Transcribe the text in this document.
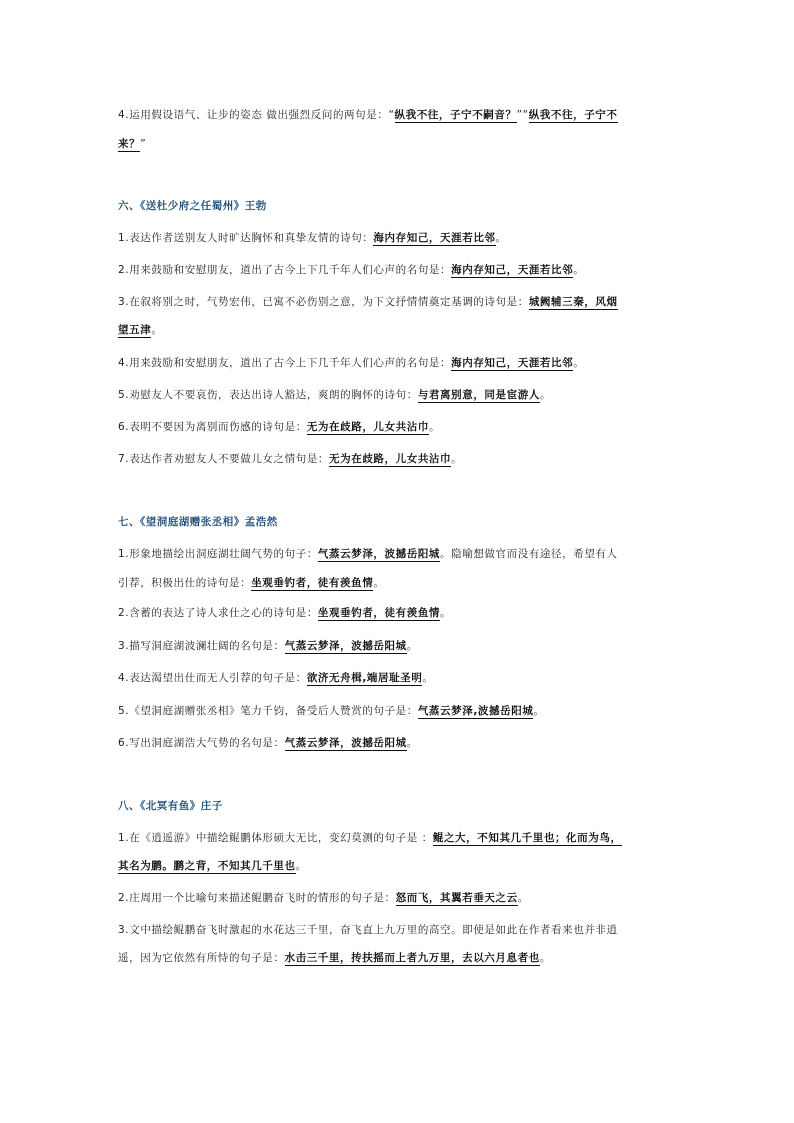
4.运用假设语气、让步的姿态 做出强烈反问的两句是：“纵我不往，子宁不嗣音？”“纵我不往，子宁不
来？”
六、《送杜少府之任蜀州》王勃
1.表达作者送别友人时旷达胸怀和真挚友情的诗句：海内存知己，天涯若比邻。
2.用来鼓励和安慰朋友，道出了古今上下几千年人们心声的名句是：海内存知己，天涯若比邻。
3.在叙将别之时，气势宏伟，已寓不必伤别之意，为下文抒情情奠定基调的诗句是：城阙辅三秦，风烟
望五津。
4.用来鼓励和安慰朋友，道出了古今上下几千年人们心声的名句是：海内存知己，天涯若比邻。
5.劝慰友人不要哀伤，表达出诗人豁达，爽朗的胸怀的诗句：与君离别意，同是宦游人。
6.表明不要因为离别而伤感的诗句是：无为在歧路，儿女共沾巾。
7.表达作者劝慰友人不要做儿女之情句是：无为在歧路，儿女共沾巾。
七、《望洞庭湖赠张丞相》孟浩然
1.形象地描绘出洞庭湖壮阔气势的句子：气蒸云梦泽，波撼岳阳城。隐喻想做官而没有途径，希望有人
引荐，积极出仕的诗句是：坐观垂钓者，徒有羡鱼情。
2.含蓄的表达了诗人求仕之心的诗句是：坐观垂钓者，徒有羡鱼情。
3.描写洞庭湖波澜壮阔的名句是：气蒸云梦泽，波撼岳阳城。
4.表达渴望出仕而无人引荐的句子是：欲济无舟楫,端居耻圣明。
5.《望洞庭湖赠张丞相》笔力千钧，备受后人赞赏的句子是：气蒸云梦泽,波撼岳阳城。
6.写出洞庭湖浩大气势的名句是：气蒸云梦泽，波撼岳阳城。
八、《北冥有鱼》庄子
1.在《逍遥游》中描绘鲲鹏体形硕大无比，变幻莫测的句子是 ：鲲之大，不知其几千里也；化而为鸟，
其名为鹏。鹏之背，不知其几千里也。
2.庄周用一个比喻句来描述鲲鹏奋飞时的情形的句子是：怒而飞，其翼若垂天之云。
3.文中描绘鲲鹏奋飞时激起的水花达三千里，奋飞直上九万里的高空。即使是如此在作者看来也并非逍
遥，因为它依然有所恃的句子是：水击三千里，抟扶摇而上者九万里，去以六月息者也。
